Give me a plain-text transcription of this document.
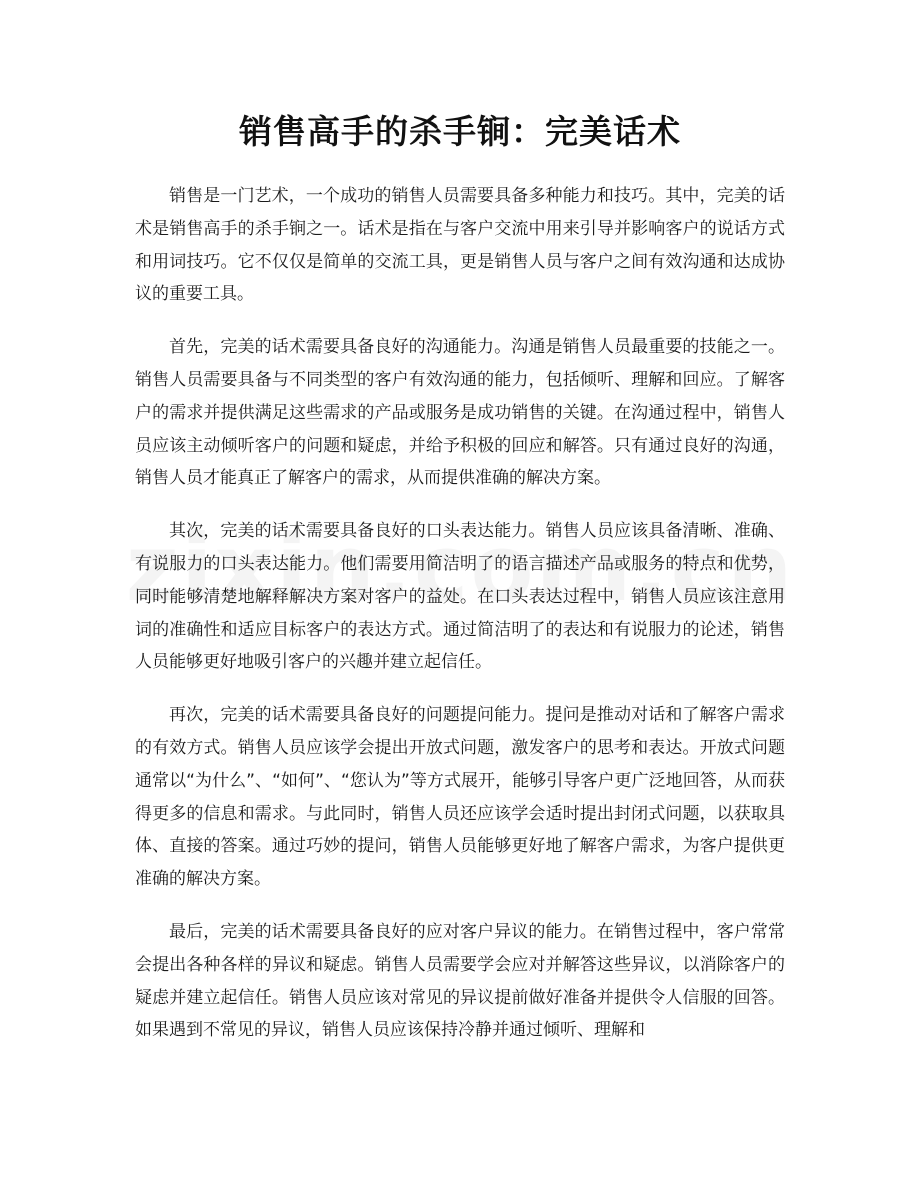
销售高手的杀手锏：完美话术

销售是一门艺术，一个成功的销售人员需要具备多种能力和技巧。其中，完美的话术是销售高手的杀手锏之一。话术是指在与客户交流中用来引导并影响客户的说话方式和用词技巧。它不仅仅是简单的交流工具，更是销售人员与客户之间有效沟通和达成协议的重要工具。

首先，完美的话术需要具备良好的沟通能力。沟通是销售人员最重要的技能之一。销售人员需要具备与不同类型的客户有效沟通的能力，包括倾听、理解和回应。了解客户的需求并提供满足这些需求的产品或服务是成功销售的关键。在沟通过程中，销售人员应该主动倾听客户的问题和疑虑，并给予积极的回应和解答。只有通过良好的沟通，销售人员才能真正了解客户的需求，从而提供准确的解决方案。

其次，完美的话术需要具备良好的口头表达能力。销售人员应该具备清晰、准确、有说服力的口头表达能力。他们需要用简洁明了的语言描述产品或服务的特点和优势，同时能够清楚地解释解决方案对客户的益处。在口头表达过程中，销售人员应该注意用词的准确性和适应目标客户的表达方式。通过简洁明了的表达和有说服力的论述，销售人员能够更好地吸引客户的兴趣并建立起信任。

再次，完美的话术需要具备良好的问题提问能力。提问是推动对话和了解客户需求的有效方式。销售人员应该学会提出开放式问题，激发客户的思考和表达。开放式问题通常以“为什么”、“如何”、“您认为”等方式展开，能够引导客户更广泛地回答，从而获得更多的信息和需求。与此同时，销售人员还应该学会适时提出封闭式问题，以获取具体、直接的答案。通过巧妙的提问，销售人员能够更好地了解客户需求，为客户提供更准确的解决方案。

最后，完美的话术需要具备良好的应对客户异议的能力。在销售过程中，客户常常会提出各种各样的异议和疑虑。销售人员需要学会应对并解答这些异议，以消除客户的疑虑并建立起信任。销售人员应该对常见的异议提前做好准备并提供令人信服的回答。如果遇到不常见的异议，销售人员应该保持冷静并通过倾听、理解和
